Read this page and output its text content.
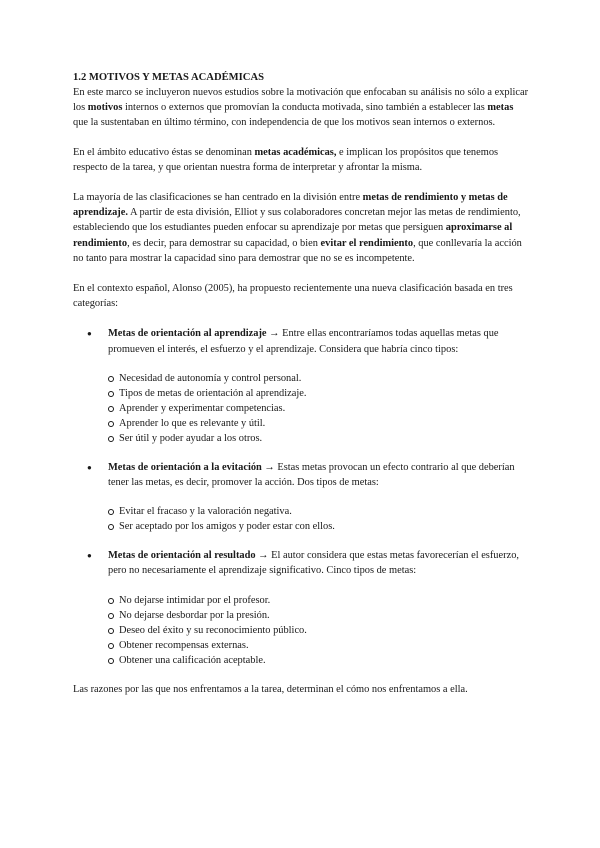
1.2 MOTIVOS Y METAS ACADÉMICAS

En este marco se incluyeron nuevos estudios sobre la motivación que enfocaban su análisis no sólo a explicar los motivos internos o externos que promovían la conducta motivada, sino también a establecer las metas que la sustentaban en último término, con independencia de que los motivos sean internos o externos.

En el ámbito educativo éstas se denominan metas académicas, e implican los propósitos que tenemos respecto de la tarea, y que orientan nuestra forma de interpretar y afrontar la misma.

La mayoría de las clasificaciones se han centrado en la división entre metas de rendimiento y metas de aprendizaje. A partir de esta división, Elliot y sus colaboradores concretan mejor las metas de rendimiento, estableciendo que los estudiantes pueden enfocar su aprendizaje por metas que persiguen aproximarse al rendimiento, es decir, para demostrar su capacidad, o bien evitar el rendimiento, que conllevaría la acción no tanto para mostrar la capacidad sino para demostrar que no se es incompetente.

En el contexto español, Alonso (2005), ha propuesto recientemente una nueva clasificación basada en tres categorías:

● Metas de orientación al aprendizaje → Entre ellas encontraríamos todas aquellas metas que promueven el interés, el esfuerzo y el aprendizaje. Considera que habría cinco tipos:
Necesidad de autonomía y control personal.
Tipos de metas de orientación al aprendizaje.
Aprender y experimentar competencias.
Aprender lo que es relevante y útil.
Ser útil y poder ayudar a los otros.
● Metas de orientación a la evitación → Estas metas provocan un efecto contrario al que deberían tener las metas, es decir, promover la acción. Dos tipos de metas:
Evitar el fracaso y la valoración negativa.
Ser aceptado por los amigos y poder estar con ellos.
● Metas de orientación al resultado → El autor considera que estas metas favorecerían el esfuerzo, pero no necesariamente el aprendizaje significativo. Cinco tipos de metas:
No dejarse intimidar por el profesor.
No dejarse desbordar por la presión.
Deseo del éxito y su reconocimiento público.
Obtener recompensas externas.
Obtener una calificación aceptable.

Las razones por las que nos enfrentamos a la tarea, determinan el cómo nos enfrentamos a ella.
